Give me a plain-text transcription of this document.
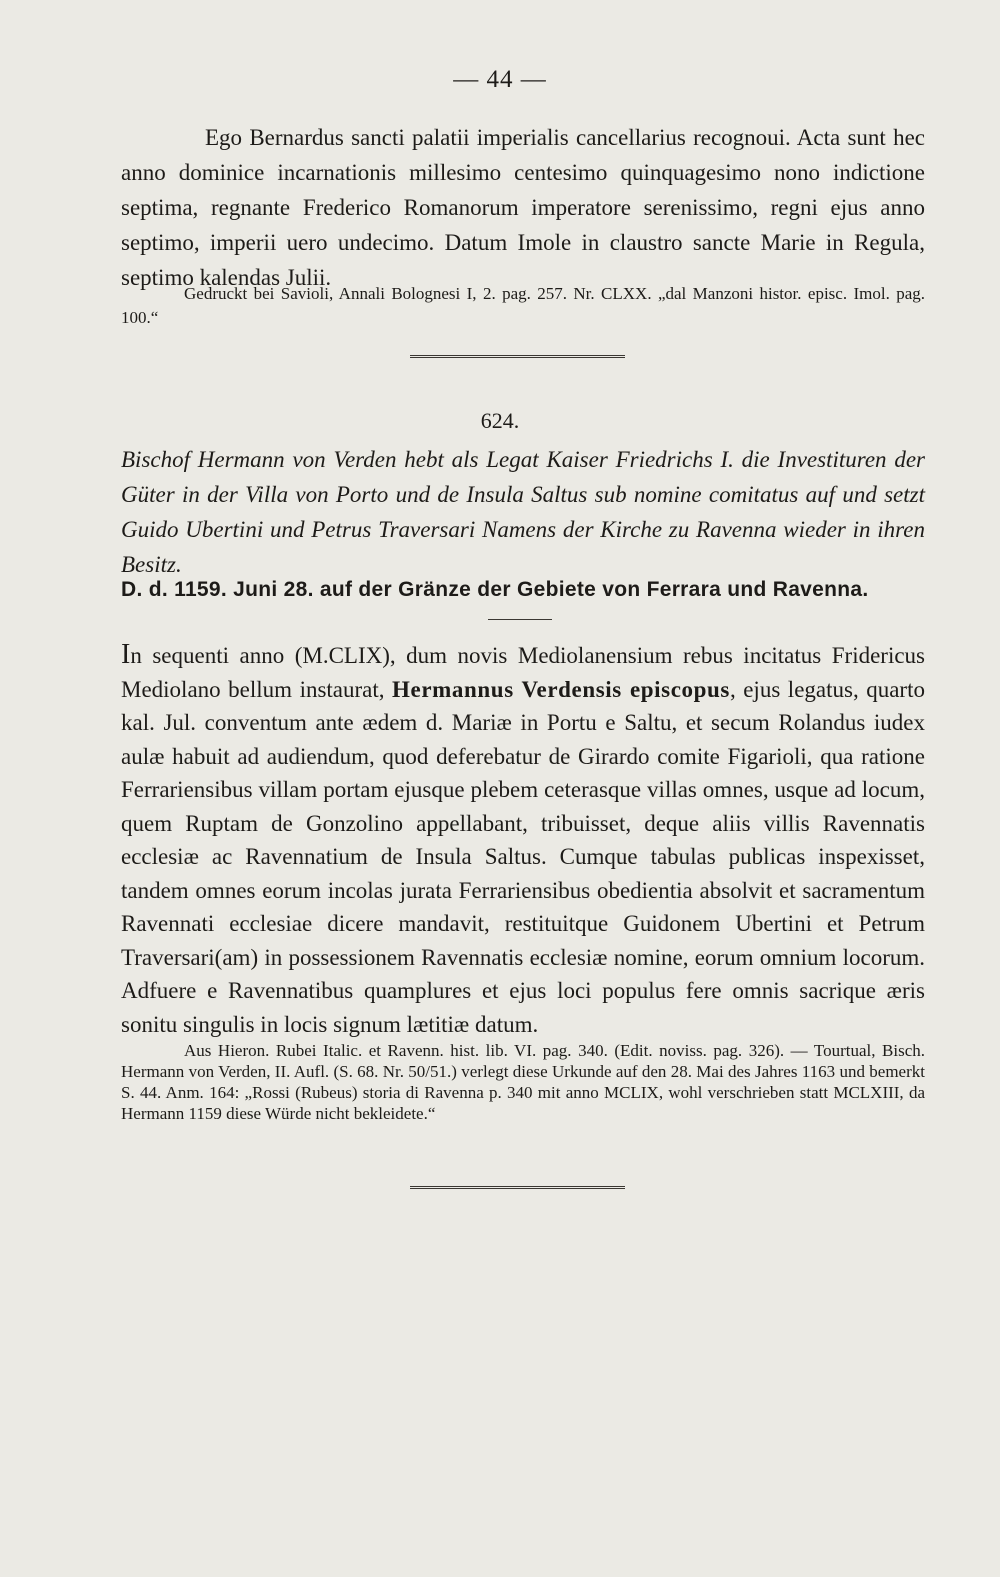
— 44 —
Ego Bernardus sancti palatii imperialis cancellarius recognoui. Acta sunt hec anno dominice incarnationis millesimo centesimo quinquagesimo nono indictione septima, regnante Frederico Romanorum imperatore serenissimo, regni ejus anno septimo, imperii uero undecimo. Datum Imole in claustro sancte Marie in Regula, septimo kalendas Julii.
Gedruckt bei Savioli, Annali Bolognesi I, 2. pag. 257. Nr. CLXX. „dal Manzoni histor. episc. Imol. pag. 100.“
624.
Bischof Hermann von Verden hebt als Legat Kaiser Friedrichs I. die Investituren der Güter in der Villa von Porto und de Insula Saltus sub nomine comitatus auf und setzt Guido Ubertini und Petrus Traversari Namens der Kirche zu Ravenna wieder in ihren Besitz.
D. d. 1159. Juni 28. auf der Gränze der Gebiete von Ferrara und Ravenna.
In sequenti anno (M.CLIX), dum novis Mediolanensium rebus incitatus Fridericus Mediolano bellum instaurat, Hermannus Verdensis episcopus, ejus legatus, quarto kal. Jul. conventum ante ædem d. Mariæ in Portu e Saltu, et secum Rolandus iudex aulæ habuit ad audiendum, quod deferebatur de Girardo comite Figarioli, qua ratione Ferrariensibus villam portam ejusque plebem ceterasque villas omnes, usque ad locum, quem Ruptam de Gonzolino appellabant, tribuisset, deque aliis villis Ravennatis ecclesiæ ac Ravennatium de Insula Saltus. Cumque tabulas publicas inspexisset, tandem omnes eorum incolas jurata Ferrariensibus obedientia absolvit et sacramentum Ravennati ecclesiae dicere mandavit, restituitque Guidonem Ubertini et Petrum Traversari(am) in possessionem Ravennatis ecclesiæ nomine, eorum omnium locorum. Adfuere e Ravennatibus quamplures et ejus loci populus fere omnis sacrique æris sonitu singulis in locis signum lætitiæ datum.
Aus Hieron. Rubei Italic. et Ravenn. hist. lib. VI. pag. 340. (Edit. noviss. pag. 326). — Tourtual, Bisch. Hermann von Verden, II. Aufl. (S. 68. Nr. 50/51.) verlegt diese Urkunde auf den 28. Mai des Jahres 1163 und bemerkt S. 44. Anm. 164: „Rossi (Rubeus) storia di Ravenna p. 340 mit anno MCLIX, wohl verschrieben statt MCLXIII, da Hermann 1159 diese Würde nicht bekleidete.“
